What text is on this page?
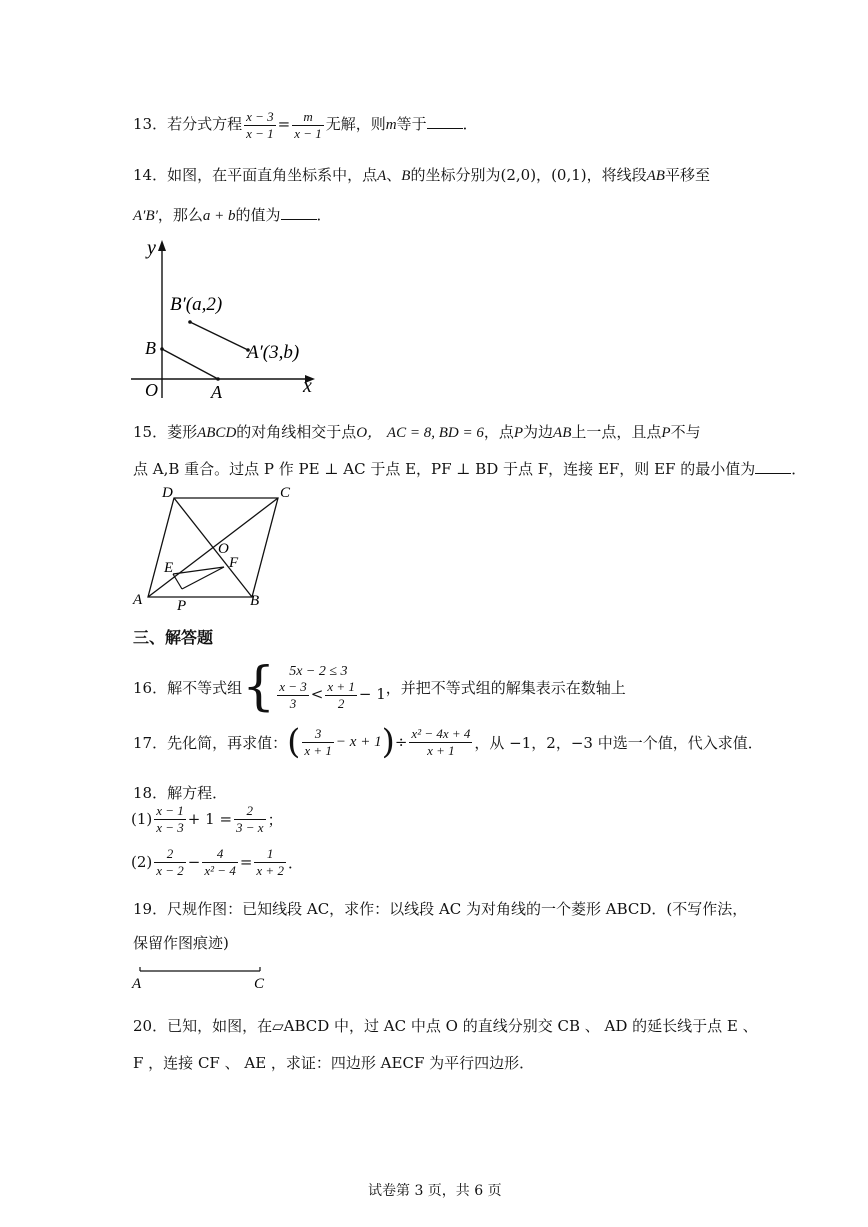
13．若分式方程 $\frac{x - 3}{x - 1} = \frac{m}{x - 1}$ 无解，则m等于 ．
14．如图，在平面直角坐标系中，点A、B的坐标分别为(2,0)，(0,1)，将线段AB平移至
A′B′，那么a + b的值为 ．
y
x
O	A
B
B′(a,2)
A′(3,b)
15．菱形ABCD的对角线相交于点O， AC = 8, BD = 6，点P为边AB上一点，且点P不与
点 A,B 重合。过点 P 作 PE ⊥ AC 于点 E，PF ⊥ BD 于点 F，连接 EF，则 EF 的最小值为 ．
A	B
C
D
O
E	F
P
三、解答题
16． 解不等式组 { 5x − 2 ≤ 3
$\frac{x - 3}{3} < \frac{x + 1}{2} - 1$ ，并把不等式组的解集表示在数轴上
17． 先化简，再求值： ( $\frac{3}{x + 1} - x + 1$ ) ÷ $\frac{\text{x² − 4x + 4}}{x + 1}$ ，从 −1，2，−3 中选一个值，代入求值．
18．解方程．
$(1) \frac{x - 1}{x - 3} + 1 = \frac{2}{3 - x}$ ；
$(2) \frac{2}{x - 2} - \frac{4}{\text{x² − 4}} = \frac{1}{x + 2}$ ．
19．尺规作图：已知线段 AC，求作：以线段 AC 为对角线的一个菱形 ABCD．(不写作法，
保留作图痕迹)
A	C
20．已知，如图，在▱ABCD 中，过 AC 中点 O 的直线分别交 CB 、 AD 的延长线于点 E 、
F ，连接 CF 、 AE ，求证：四边形 AECF 为平行四边形．
试卷第 3 页，共 6 页
